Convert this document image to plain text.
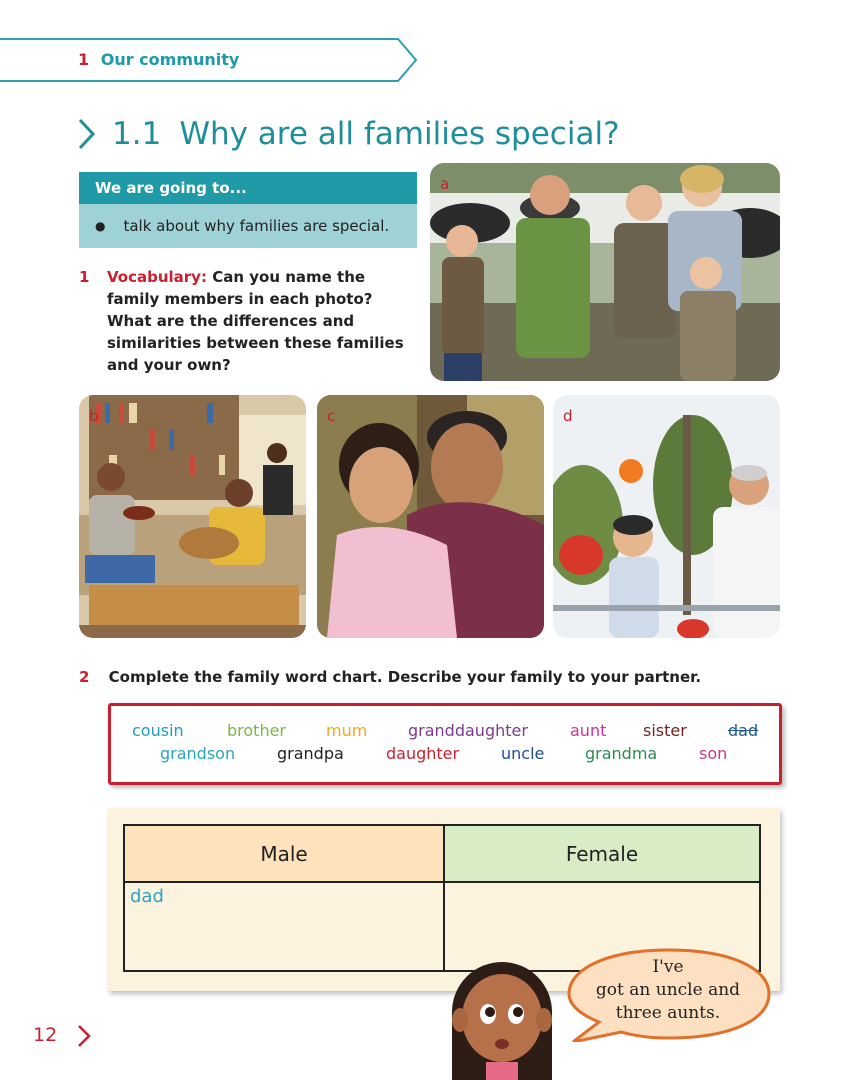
1 Our community
1.1 Why are all families special?
We are going to...
● talk about why families are special.
1 Vocabulary: Can you name the family members in each photo? What are the differences and similarities between these families and your own?
a
b	c	d
2 Complete the family word chart. Describe your family to your partner.
cousin	brother mum	granddaughter	aunt sister	dad
grandson	grandpa	daughter	uncle	grandma	son
Male	Female
dad
I've
got an uncle and
three aunts.
12
